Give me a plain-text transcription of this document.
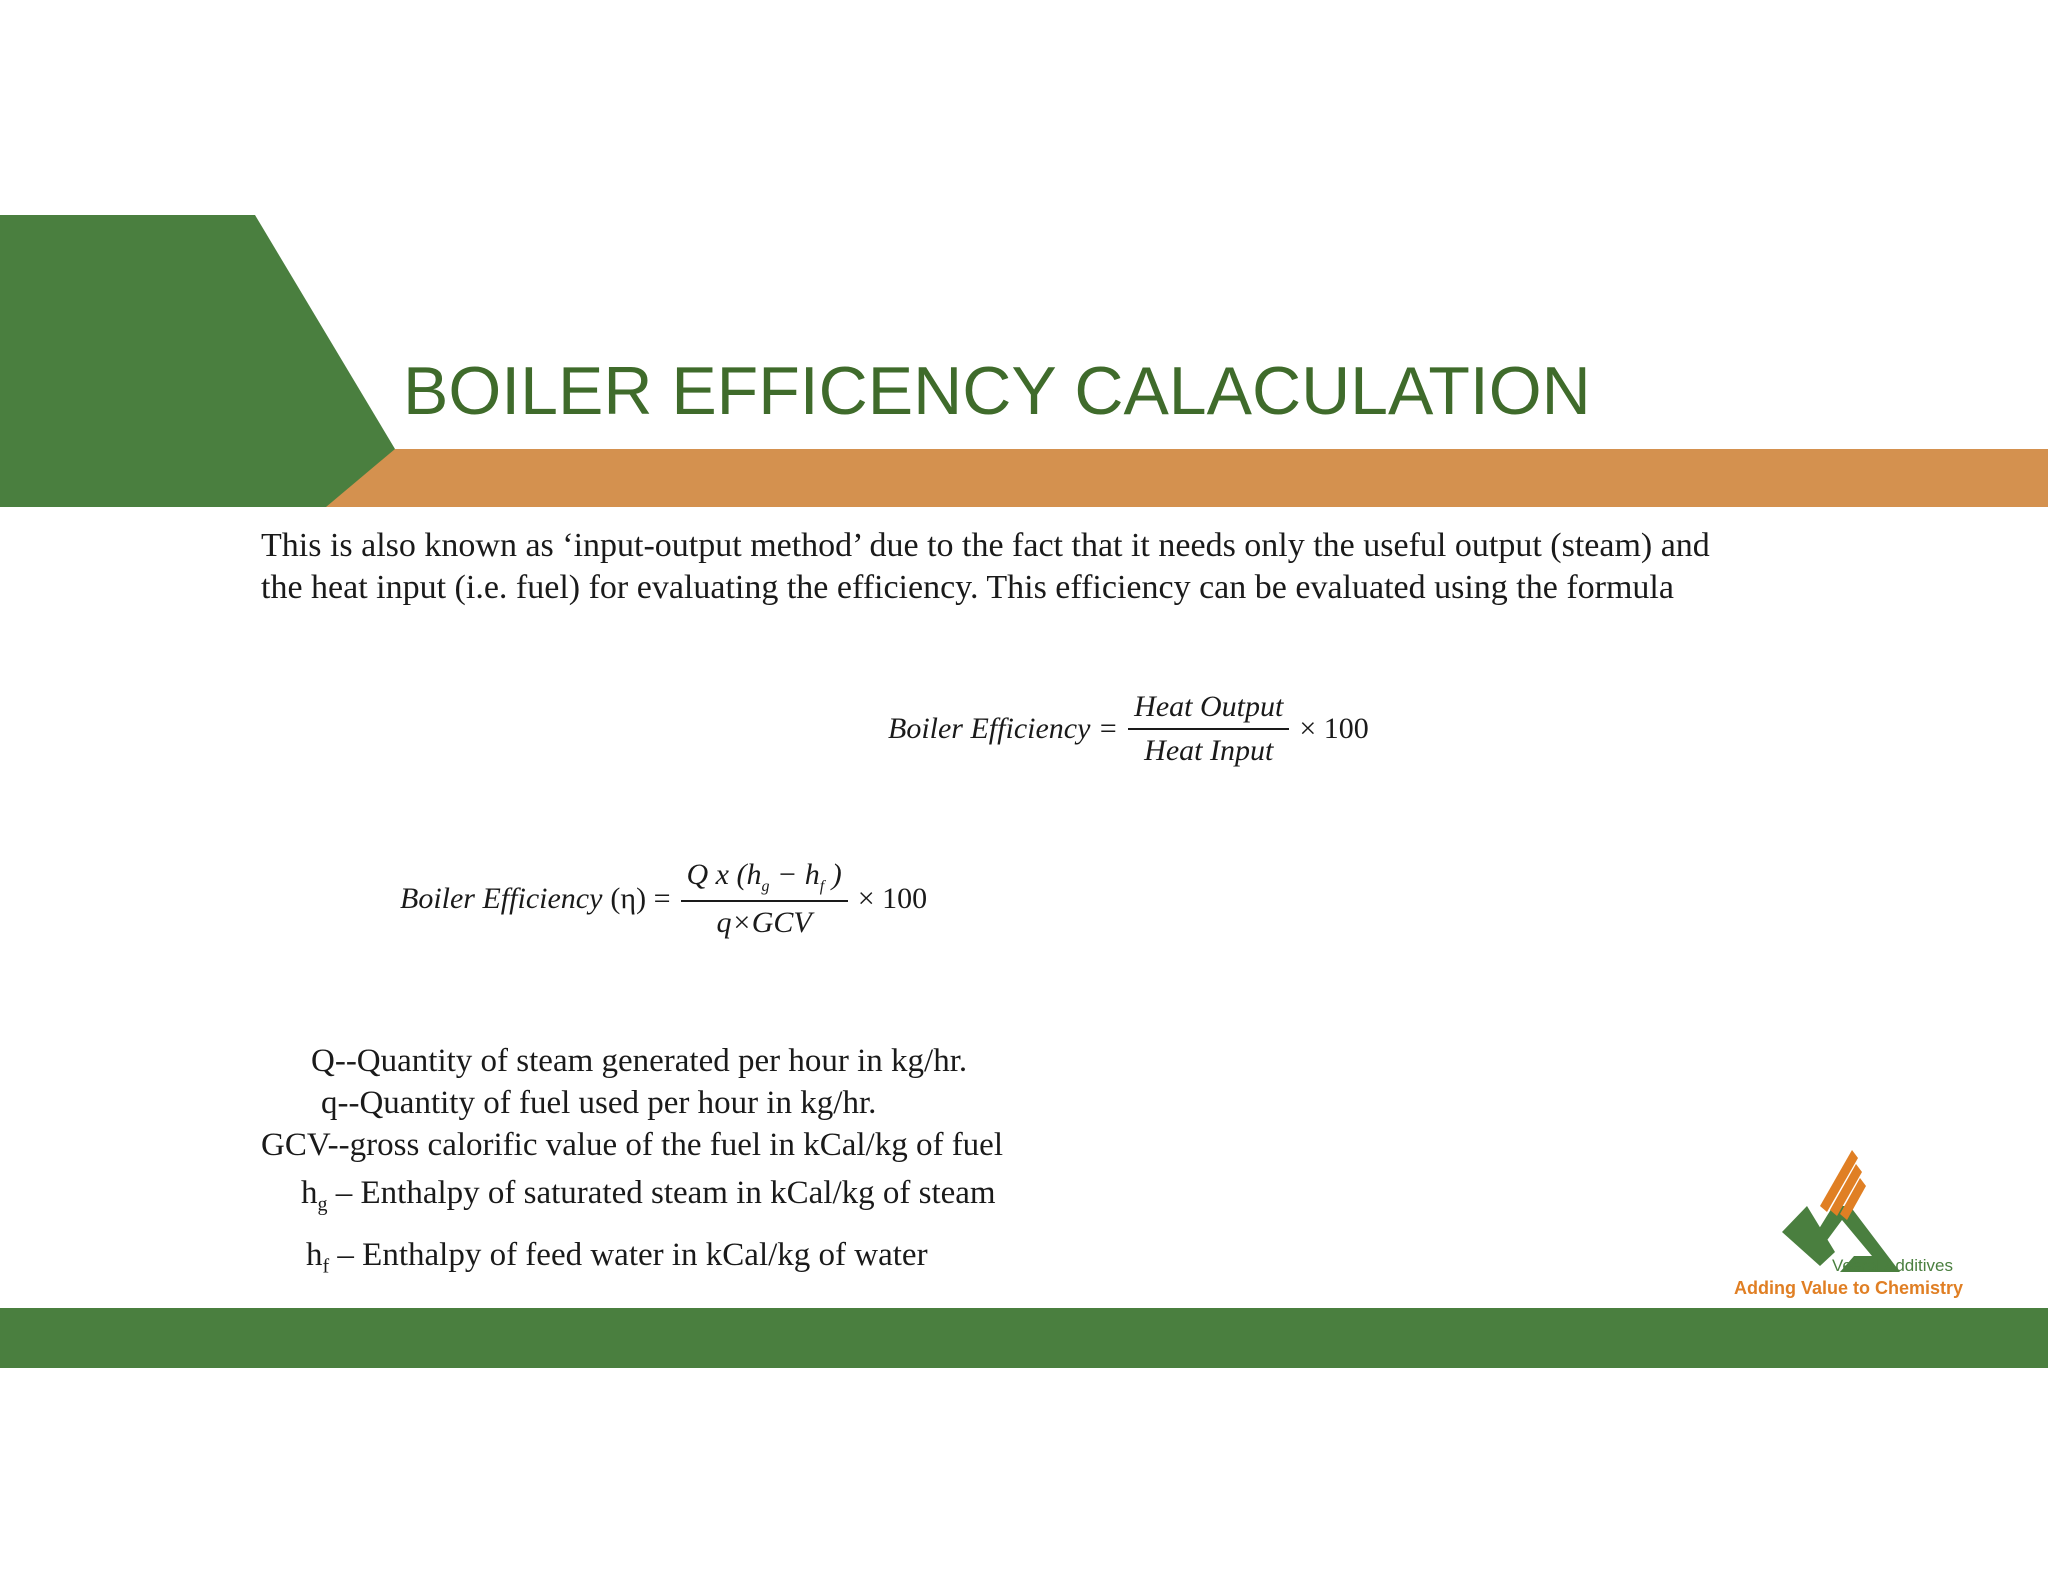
BOILER EFFICENCY CALACULATION

This is also known as ‘input-output method’ due to the fact that it needs only the useful output (steam) and the heat input (i.e. fuel) for evaluating the efficiency. This efficiency can be evaluated using the formula

Boiler Efficiency = $\frac{\text{Heat Output}}{\text{Heat Input}} \times 100$
Boiler Efficiency $(\eta) = \frac{Q x (h_g - h_f )}{\text{q×GCV}} \times 100$
Q--Quantity of steam generated per hour in kg/hr.
q--Quantity of fuel used per hour in kg/hr.
GCV--gross calorific value of the fuel in kCal/kg of fuel
$h_g$ – Enthalpy of saturated steam in kCal/kg of steam
$h_f$ – Enthalpy of feed water in kCal/kg of water	Veeral Additives
Adding Value to Chemistry
